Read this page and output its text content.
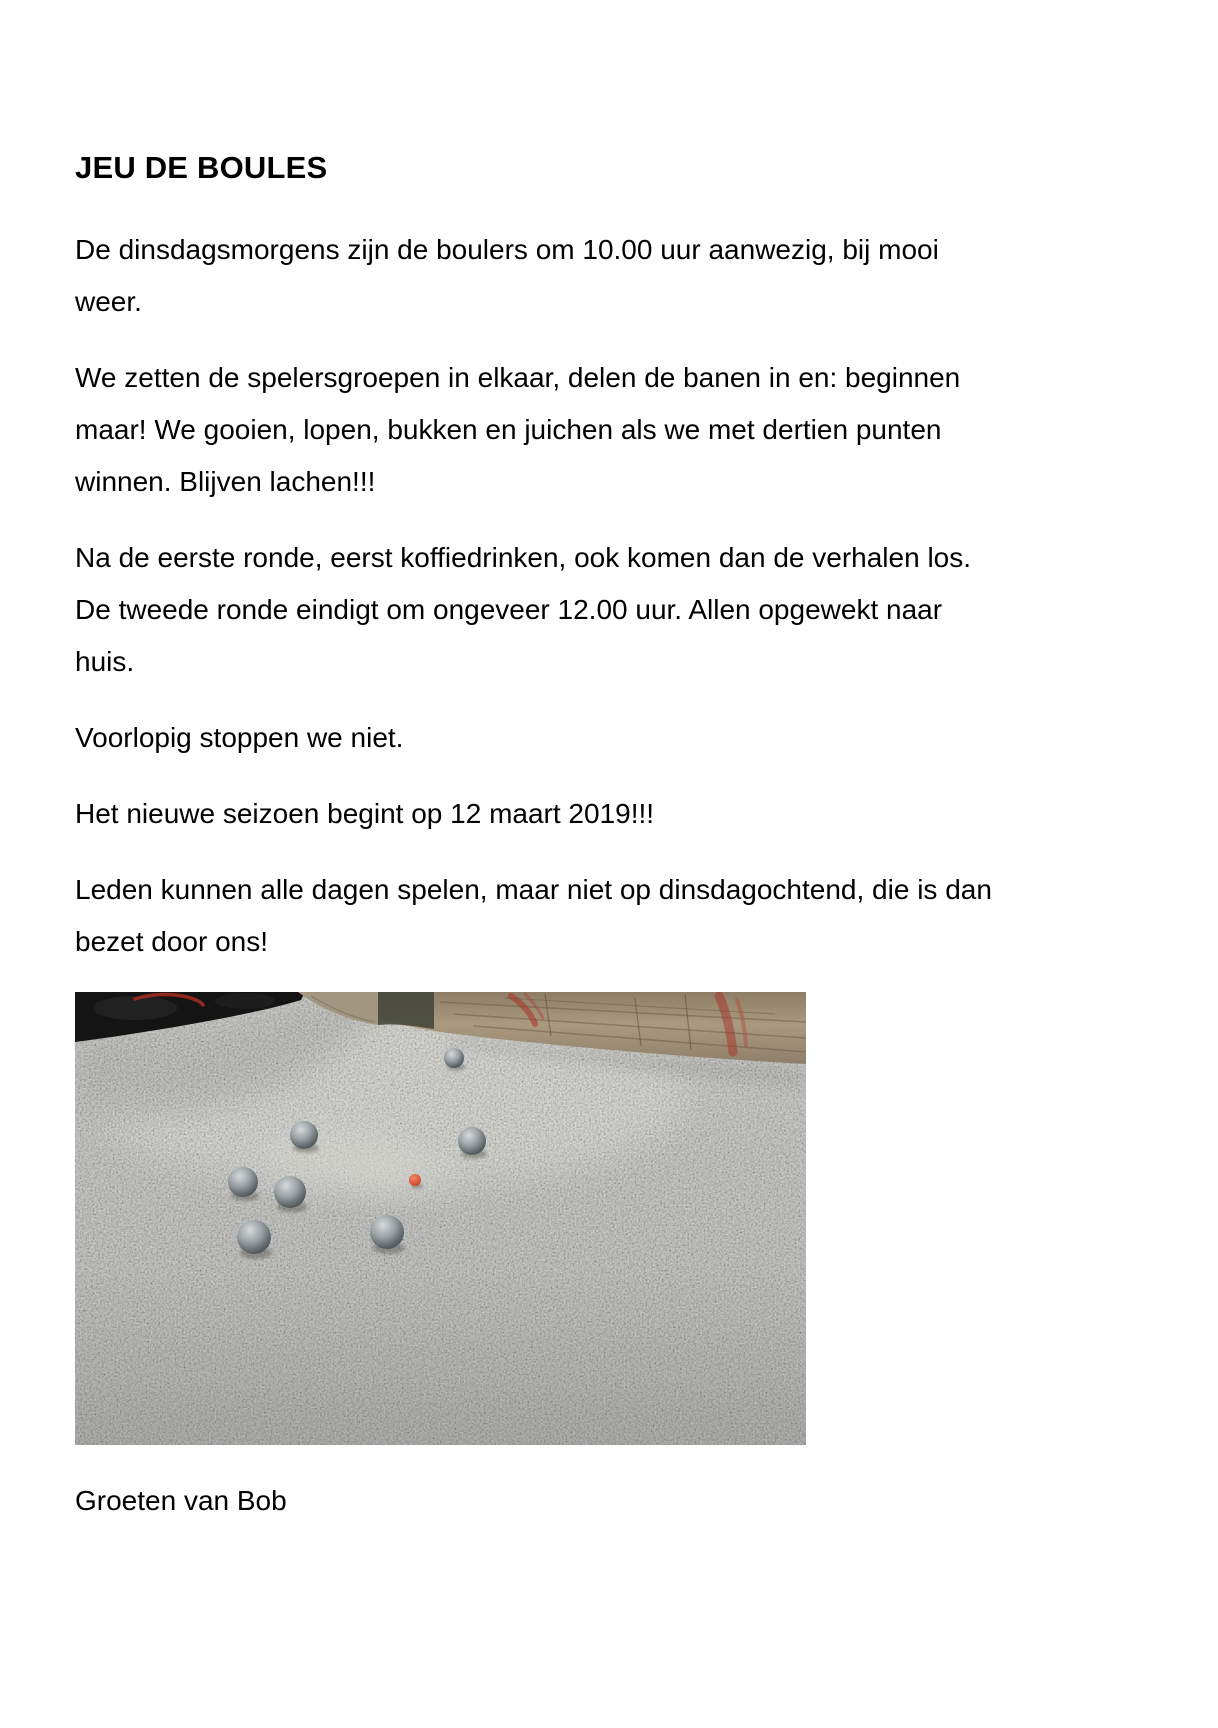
JEU DE BOULES

De dinsdagsmorgens zijn de boulers om 10.00 uur aanwezig, bij mooi
weer.

We zetten de spelersgroepen in elkaar, delen de banen in en: beginnen
maar! We gooien, lopen, bukken en juichen als we met dertien punten
winnen. Blijven lachen!!!

Na de eerste ronde, eerst koffiedrinken, ook komen dan de verhalen los.
De tweede ronde eindigt om ongeveer 12.00 uur. Allen opgewekt naar
huis.

Voorlopig stoppen we niet.

Het nieuwe seizoen begint op 12 maart 2019!!!

Leden kunnen alle dagen spelen, maar niet op dinsdagochtend, die is dan
bezet door ons!

Groeten van Bob
